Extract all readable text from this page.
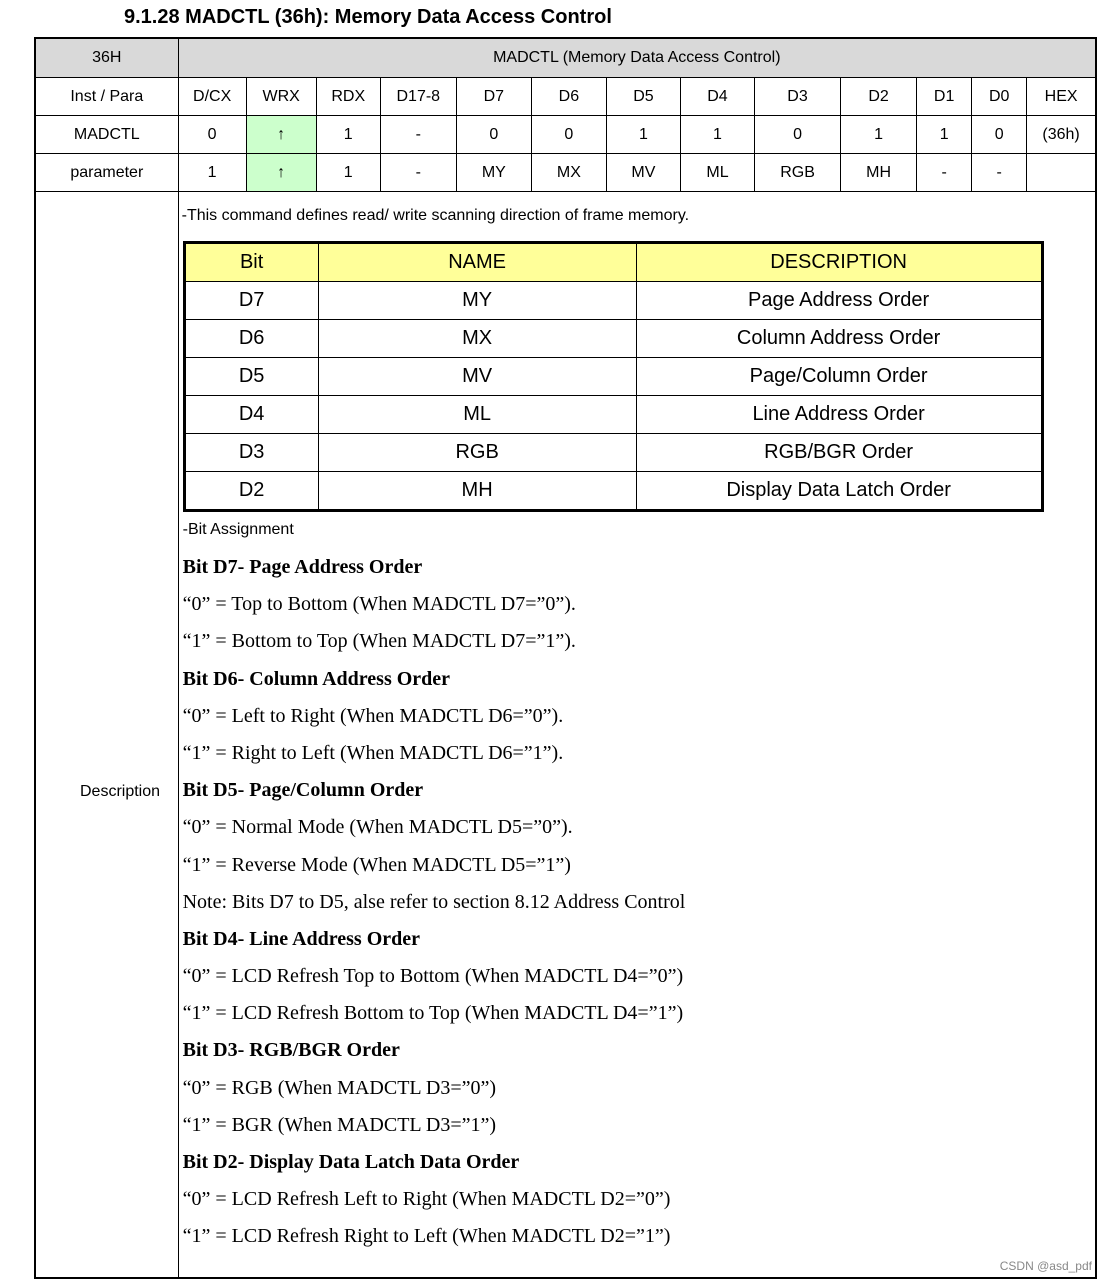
9.1.28 MADCTL (36h): Memory Data Access Control
36H	MADCTL (Memory Data Access Control)
Inst / Para	D/CX	WRX	RDX	D17-8	D7	D6	D5	D4	D3	D2	D1	D0	HEX
MADCTL	0	↑	1	-	0	0	1	1	0	1	1	0	(36h)
parameter	1	↑	1	-	MY	MX	MV	ML	RGB	MH	-	-	

Description

-This command defines read/ write scanning direction of frame memory.
Bit	NAME	DESCRIPTION
D7	MY	Page Address Order
D6	MX	Column Address Order
D5	MV	Page/Column Order
D4	ML	Line Address Order
D3	RGB	RGB/BGR Order
D2	MH	Display Data Latch Order
-Bit Assignment
Bit D7- Page Address Order
“0” = Top to Bottom (When MADCTL D7=”0”).
“1” = Bottom to Top (When MADCTL D7=”1”).
Bit D6- Column Address Order
“0” = Left to Right (When MADCTL D6=”0”).
“1” = Right to Left (When MADCTL D6=”1”).
Bit D5- Page/Column Order
“0” = Normal Mode (When MADCTL D5=”0”).
“1” = Reverse Mode (When MADCTL D5=”1”)
Note: Bits D7 to D5, alse refer to section 8.12 Address Control
Bit D4- Line Address Order
“0” = LCD Refresh Top to Bottom (When MADCTL D4=”0”)
“1” = LCD Refresh Bottom to Top (When MADCTL D4=”1”)
Bit D3- RGB/BGR Order
“0” = RGB (When MADCTL D3=”0”)
“1” = BGR (When MADCTL D3=”1”)
Bit D2- Display Data Latch Data Order
“0” = LCD Refresh Left to Right (When MADCTL D2=”0”)
“1” = LCD Refresh Right to Left (When MADCTL D2=”1”)
CSDN @asd_pdf
